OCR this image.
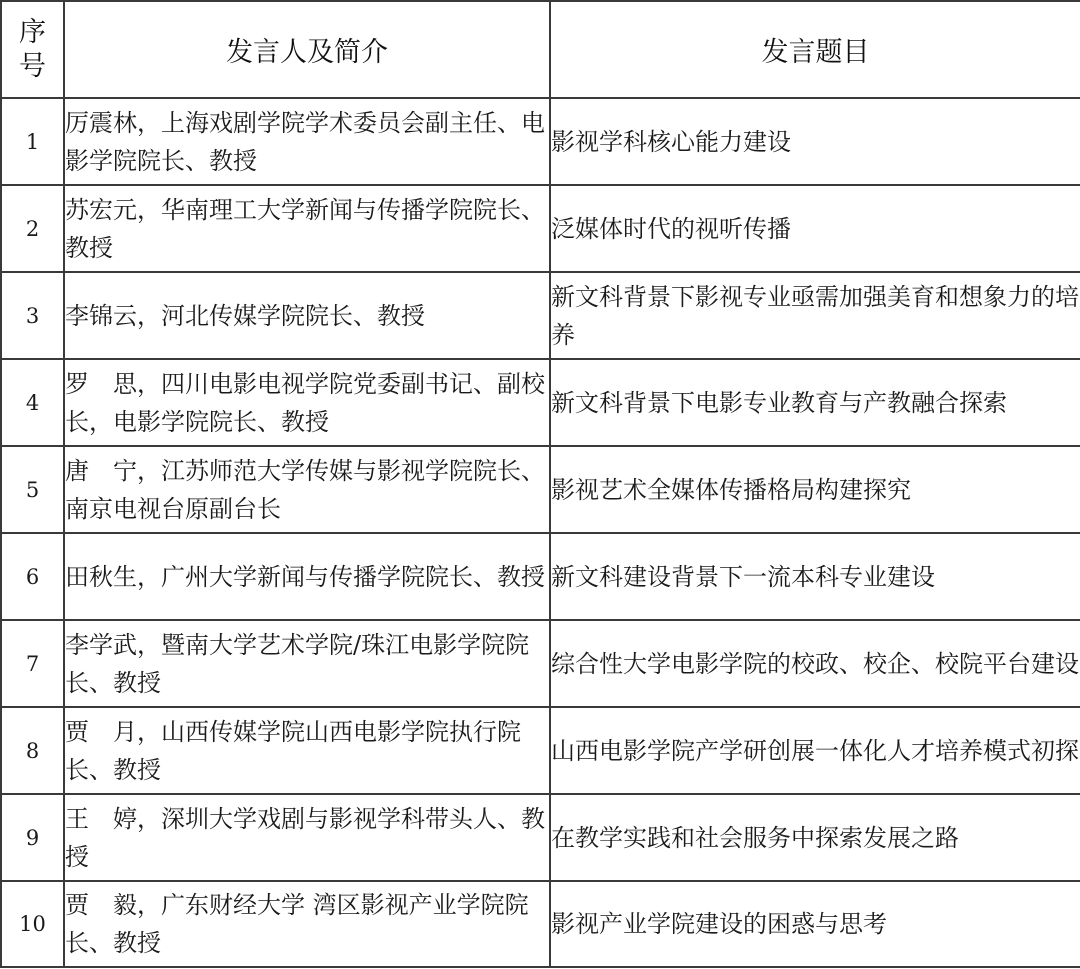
序
号	发言人及简介	发言题目
1	厉震林，上海戏剧学院学术委员会副主任、电影学院院长、教授	影视学科核心能力建设
2	苏宏元，华南理工大学新闻与传播学院院长、教授	泛媒体时代的视听传播
3	李锦云，河北传媒学院院长、教授	新文科背景下影视专业亟需加强美育和想象力的培养
4	罗　思，四川电影电视学院党委副书记、副校长，电影学院院长、教授	新文科背景下电影专业教育与产教融合探索
5	唐　宁，江苏师范大学传媒与影视学院院长、南京电视台原副台长	影视艺术全媒体传播格局构建探究
6	田秋生，广州大学新闻与传播学院院长、教授	新文科建设背景下一流本科专业建设
7	李学武，暨南大学艺术学院/珠江电影学院院长、教授	综合性大学电影学院的校政、校企、校院平台建设
8	贾　月，山西传媒学院山西电影学院执行院长、教授	山西电影学院产学研创展一体化人才培养模式初探
9	王　婷，深圳大学戏剧与影视学科带头人、教授	在教学实践和社会服务中探索发展之路
10	贾　毅，广东财经大学 湾区影视产业学院院长、教授	影视产业学院建设的困惑与思考
